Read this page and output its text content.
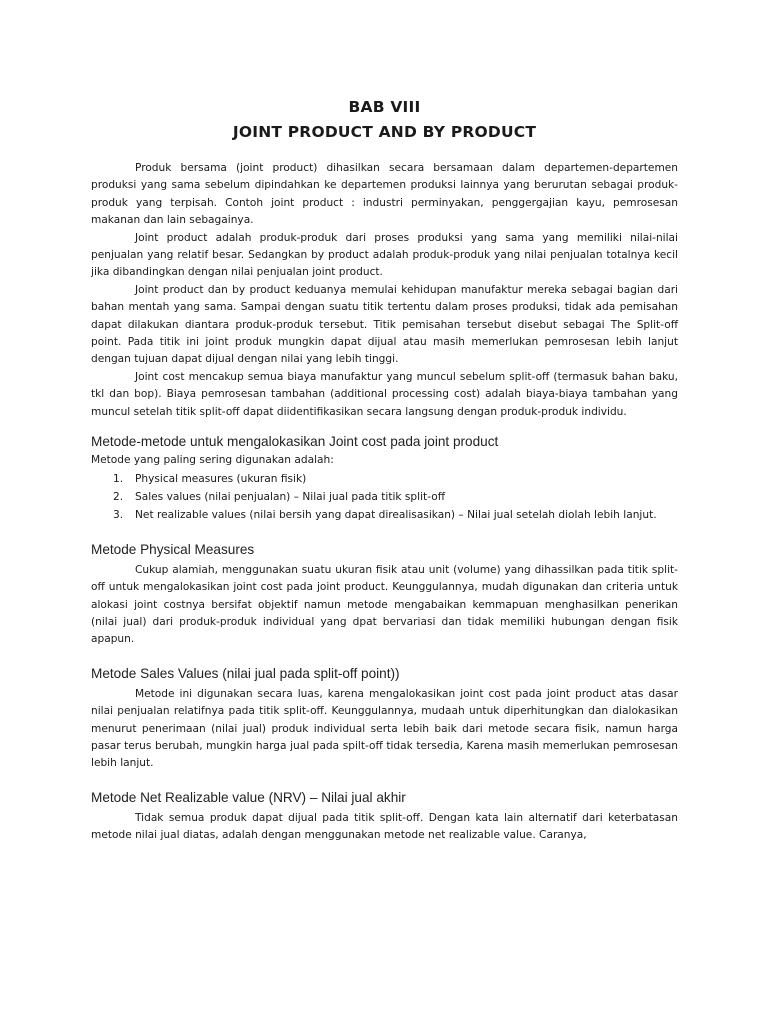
BAB VIII

JOINT PRODUCT AND BY PRODUCT

Produk bersama (joint product) dihasilkan secara bersamaan dalam departemen-departemen produksi yang sama sebelum dipindahkan ke departemen produksi lainnya yang berurutan sebagai produk-produk yang terpisah. Contoh joint product : industri perminyakan, penggergajian kayu, pemrosesan makanan dan lain sebagainya.

Joint product adalah produk-produk dari proses produksi yang sama yang memiliki nilai-nilai penjualan yang relatif besar. Sedangkan by product adalah produk-produk yang nilai penjualan totalnya kecil jika dibandingkan dengan nilai penjualan joint product.

Joint product dan by product keduanya memulai kehidupan manufaktur mereka sebagai bagian dari bahan mentah yang sama. Sampai dengan suatu titik tertentu dalam proses produksi, tidak ada pemisahan dapat dilakukan diantara produk-produk tersebut. Titik pemisahan tersebut disebut sebagai The Split-off point. Pada titik ini joint produk mungkin dapat dijual atau masih memerlukan pemrosesan lebih lanjut dengan tujuan dapat dijual dengan nilai yang lebih tinggi.

Joint cost mencakup semua biaya manufaktur yang muncul sebelum split-off (termasuk bahan baku, tkl dan bop). Biaya pemrosesan tambahan (additional processing cost) adalah biaya-biaya tambahan yang muncul setelah titik split-off dapat diidentifikasikan secara langsung dengan produk-produk individu.

Metode-metode untuk mengalokasikan Joint cost pada joint product

Metode yang paling sering digunakan adalah:

1. Physical measures (ukuran fisik)
2. Sales values (nilai penjualan) – Nilai jual pada titik split-off
3. Net realizable values (nilai bersih yang dapat direalisasikan) – Nilai jual setelah diolah lebih lanjut.

Metode Physical Measures

Cukup alamiah, menggunakan suatu ukuran fisik atau unit (volume) yang dihassilkan pada titik split-off untuk mengalokasikan joint cost pada joint product. Keunggulannya, mudah digunakan dan criteria untuk alokasi joint costnya bersifat objektif namun metode mengabaikan kemmapuan menghasilkan penerikan (nilai jual) dari produk-produk individual yang dpat bervariasi dan tidak memiliki hubungan dengan fisik apapun.

Metode Sales Values (nilai jual pada split-off point))

Metode ini digunakan secara luas, karena mengalokasikan joint cost pada joint product atas dasar nilai penjualan relatifnya pada titik split-off. Keunggulannya, mudaah untuk diperhitungkan dan dialokasikan menurut penerimaan (nilai jual) produk individual serta lebih baik dari metode secara fisik, namun harga pasar terus berubah, mungkin harga jual pada spilt-off tidak tersedia, Karena masih memerlukan pemrosesan lebih lanjut.

Metode Net Realizable value (NRV) – Nilai jual akhir

Tidak semua produk dapat dijual pada titik split-off. Dengan kata lain alternatif dari keterbatasan metode nilai jual diatas, adalah dengan menggunakan metode net realizable value. Caranya,
